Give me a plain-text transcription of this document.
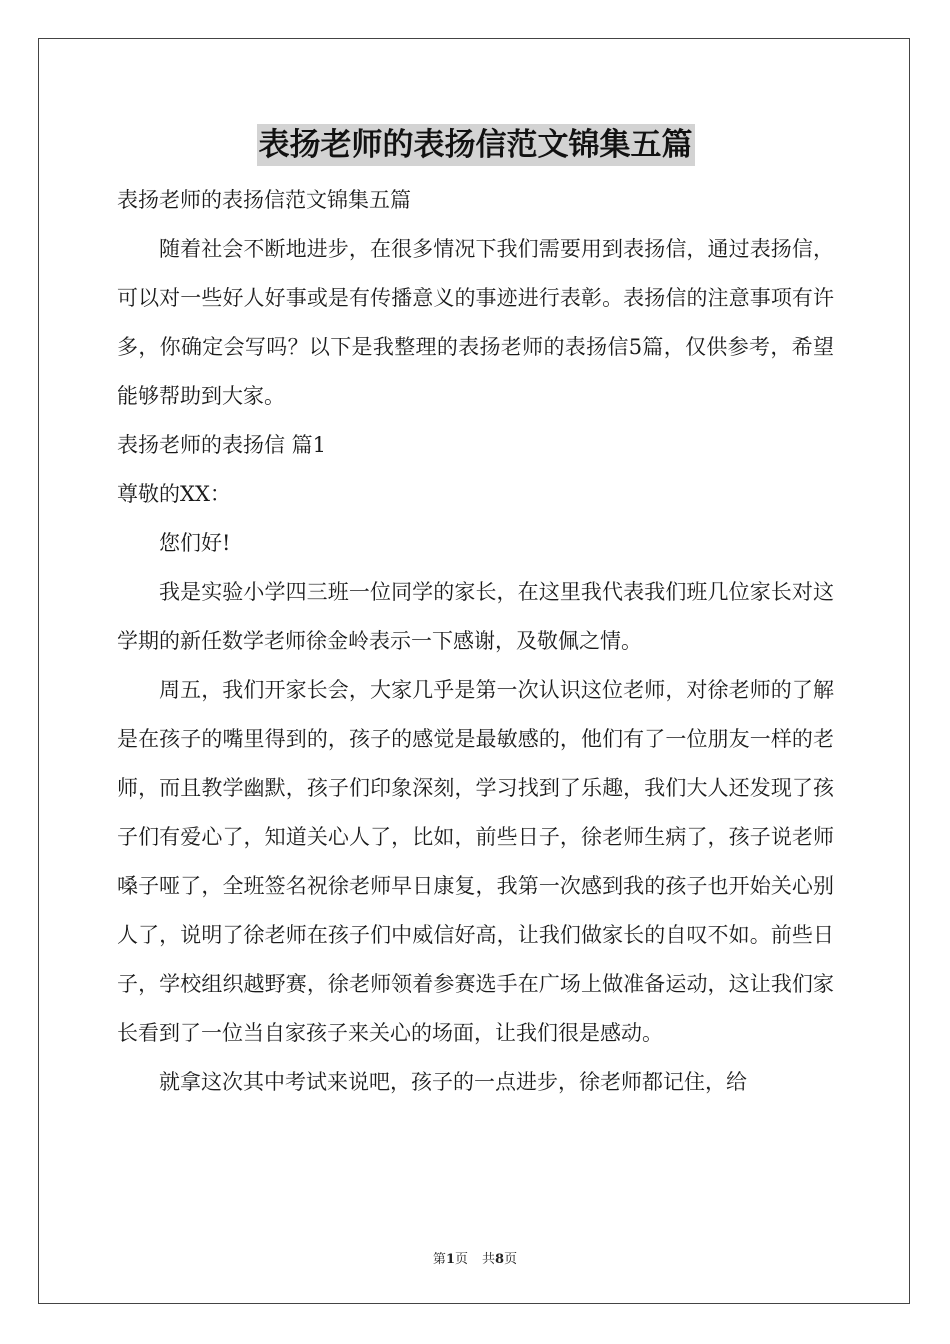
表扬老师的表扬信范文锦集五篇

表扬老师的表扬信范文锦集五篇

随着社会不断地进步，在很多情况下我们需要用到表扬信，通过表扬信，可以对一些好人好事或是有传播意义的事迹进行表彰。表扬信的注意事项有许多，你确定会写吗？以下是我整理的表扬老师的表扬信5篇，仅供参考，希望能够帮助到大家。

表扬老师的表扬信 篇1

尊敬的XX：

您们好!

我是实验小学四三班一位同学的家长，在这里我代表我们班几位家长对这学期的新任数学老师徐金岭表示一下感谢，及敬佩之情。

周五，我们开家长会，大家几乎是第一次认识这位老师，对徐老师的了解是在孩子的嘴里得到的，孩子的感觉是最敏感的，他们有了一位朋友一样的老师，而且教学幽默，孩子们印象深刻，学习找到了乐趣，我们大人还发现了孩子们有爱心了，知道关心人了，比如，前些日子，徐老师生病了，孩子说老师嗓子哑了，全班签名祝徐老师早日康复，我第一次感到我的孩子也开始关心别人了，说明了徐老师在孩子们中威信好高，让我们做家长的自叹不如。前些日子，学校组织越野赛，徐老师领着参赛选手在广场上做准备运动，这让我们家长看到了一位当自家孩子来关心的场面，让我们很是感动。

就拿这次其中考试来说吧，孩子的一点进步，徐老师都记住，给

第1页 共8页
